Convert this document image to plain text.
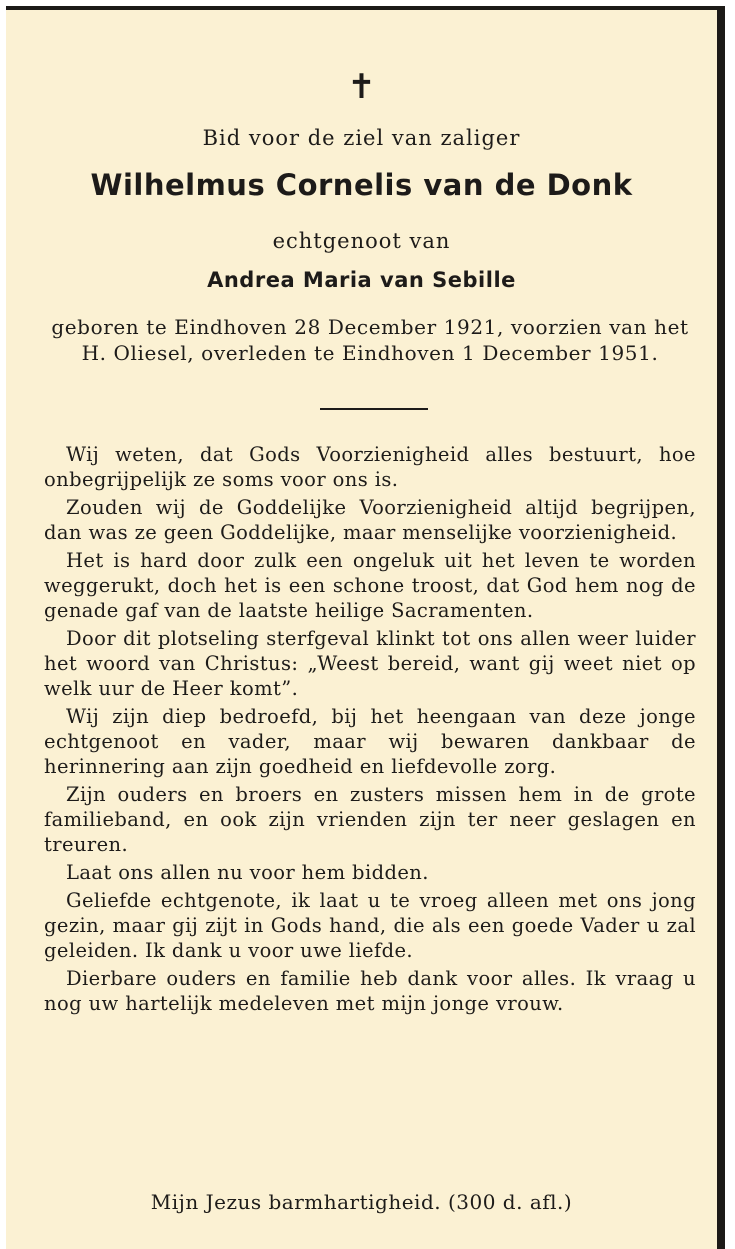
✝
Bid voor de ziel van zaliger
Wilhelmus Cornelis van de Donk
echtgenoot van
Andrea Maria van Sebille
geboren te Eindhoven 28 December 1921, voorzien van het H. Oliesel, overleden te Eindhoven 1 December 1951.

Wij weten, dat Gods Voorzienigheid alles bestuurt, hoe onbegrijpelijk ze soms voor ons is.

Zouden wij de Goddelijke Voorzienigheid altijd begrijpen, dan was ze geen Goddelijke, maar menselijke voorzienigheid.

Het is hard door zulk een ongeluk uit het leven te worden weggerukt, doch het is een schone troost, dat God hem nog de genade gaf van de laatste heilige Sacramenten.

Door dit plotseling sterfgeval klinkt tot ons allen weer luider het woord van Christus: „Weest bereid, want gij weet niet op welk uur de Heer komt”.

Wij zijn diep bedroefd, bij het heengaan van deze jonge echtgenoot en vader, maar wij bewaren dankbaar de herinnering aan zijn goedheid en liefdevolle zorg.

Zijn ouders en broers en zusters missen hem in de grote familieband, en ook zijn vrienden zijn ter neer geslagen en treuren.

Laat ons allen nu voor hem bidden.

Geliefde echtgenote, ik laat u te vroeg alleen met ons jong gezin, maar gij zijt in Gods hand, die als een goede Vader u zal geleiden. Ik dank u voor uwe liefde.

Dierbare ouders en familie heb dank voor alles. Ik vraag u nog uw hartelijk medeleven met mijn jonge vrouw.

Mijn Jezus barmhartigheid. (300 d. afl.)
